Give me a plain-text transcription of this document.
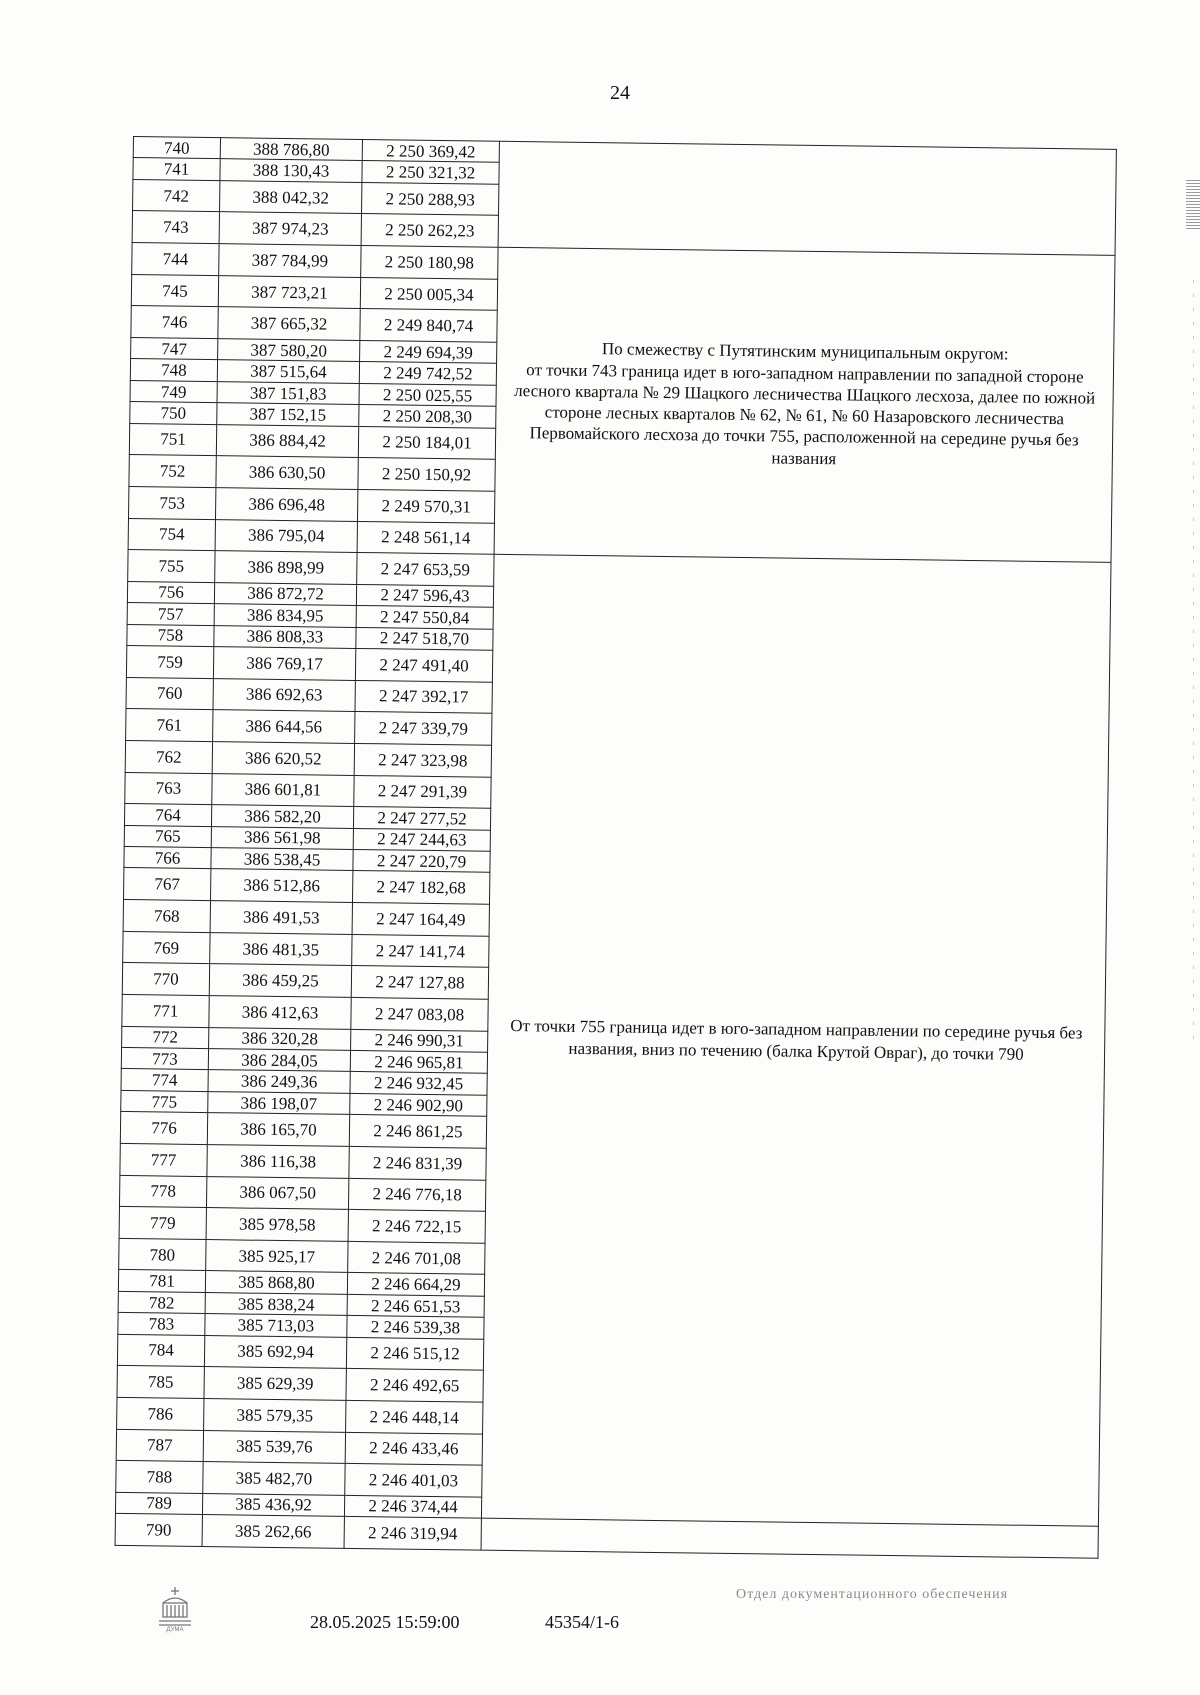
24
740	388 786,80	2 250 369,42	
741	388 130,43	2 250 321,32	
742	388 042,32	2 250 288,93	
743	387 974,23	2 250 262,23	
744	387 784,99	2 250 180,98	По смежеству с Путятинским муниципальным округом:
от точки 743 граница идет в юго-западном направлении по западной стороне лесного квартала № 29 Шацкого лесничества Шацкого лесхоза, далее по южной стороне лесных кварталов № 62, № 61, № 60 Назаровского лесничества Первомайского лесхоза до точки 755, расположенной на середине ручья без названия
745	387 723,21	2 250 005,34	
746	387 665,32	2 249 840,74	
747	387 580,20	2 249 694,39	
748	387 515,64	2 249 742,52	
749	387 151,83	2 250 025,55	
750	387 152,15	2 250 208,30	
751	386 884,42	2 250 184,01	
752	386 630,50	2 250 150,92	
753	386 696,48	2 249 570,31	
754	386 795,04	2 248 561,14	
755	386 898,99	2 247 653,59	От точки 755 граница идет в юго-западном направлении по середине ручья без названия, вниз по течению (балка Крутой Овраг), до точки 790
756	386 872,72	2 247 596,43	
757	386 834,95	2 247 550,84	
758	386 808,33	2 247 518,70	
759	386 769,17	2 247 491,40	
760	386 692,63	2 247 392,17	
761	386 644,56	2 247 339,79	
762	386 620,52	2 247 323,98	
763	386 601,81	2 247 291,39	
764	386 582,20	2 247 277,52	
765	386 561,98	2 247 244,63	
766	386 538,45	2 247 220,79	
767	386 512,86	2 247 182,68	
768	386 491,53	2 247 164,49	
769	386 481,35	2 247 141,74	
770	386 459,25	2 247 127,88	
771	386 412,63	2 247 083,08	
772	386 320,28	2 246 990,31	
773	386 284,05	2 246 965,81	
774	386 249,36	2 246 932,45	
775	386 198,07	2 246 902,90	
776	386 165,70	2 246 861,25	
777	386 116,38	2 246 831,39	
778	386 067,50	2 246 776,18	
779	385 978,58	2 246 722,15	
780	385 925,17	2 246 701,08	
781	385 868,80	2 246 664,29	
782	385 838,24	2 246 651,53	
783	385 713,03	2 246 539,38	
784	385 692,94	2 246 515,12	
785	385 629,39	2 246 492,65	
786	385 579,35	2 246 448,14	
787	385 539,76	2 246 433,46	
788	385 482,70	2 246 401,03	
789	385 436,92	2 246 374,44	
790	385 262,66	2 246 319,94	
ДУМА	28.05.2025 15:59:00	45354/1-6
Отдел документационного обеспечения
